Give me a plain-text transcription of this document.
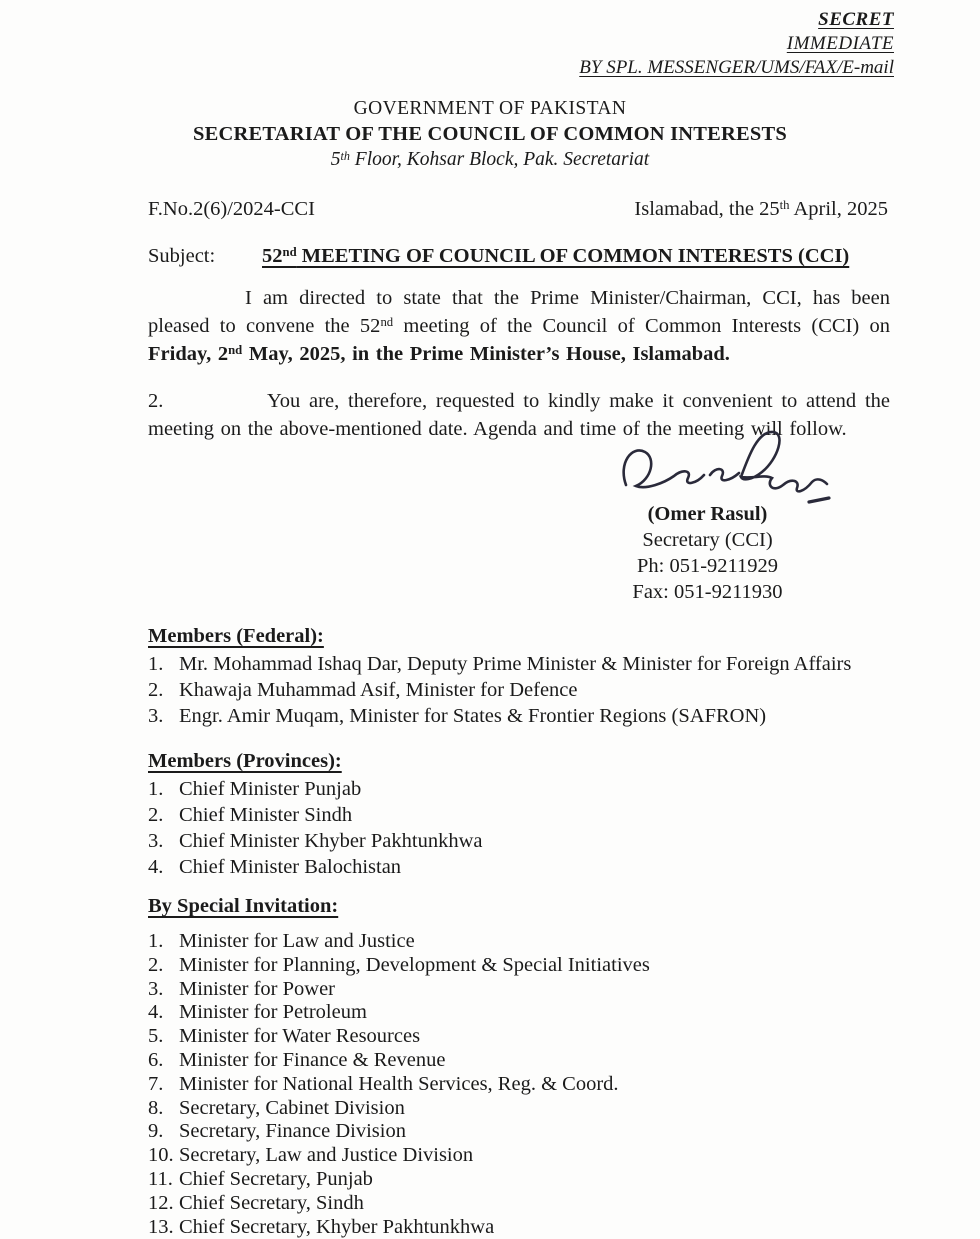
SECRET
IMMEDIATE
BY SPL. MESSENGER/UMS/FAX/E-mail
GOVERNMENT OF PAKISTAN
SECRETARIAT OF THE COUNCIL OF COMMON INTERESTS
5th Floor, Kohsar Block, Pak. Secretariat
F.No.2(6)/2024-CCI	Islamabad, the 25th April, 2025
Subject:	52nd MEETING OF COUNCIL OF COMMON INTERESTS (CCI)
I am directed to state that the Prime Minister/Chairman, CCI, has been pleased to convene the 52nd meeting of the Council of Common Interests (CCI) on Friday, 2nd May, 2025, in the Prime Minister’s House, Islamabad.
2.	You are, therefore, requested to kindly make it convenient to attend the meeting on the above-mentioned date. Agenda and time of the meeting will follow.
(Omer Rasul)
Secretary (CCI)
Ph: 051-9211929
Fax: 051-9211930
Members (Federal):
1. Mr. Mohammad Ishaq Dar, Deputy Prime Minister & Minister for Foreign Affairs
2. Khawaja Muhammad Asif, Minister for Defence
3. Engr. Amir Muqam, Minister for States & Frontier Regions (SAFRON)
Members (Provinces):
1. Chief Minister Punjab
2. Chief Minister Sindh
3. Chief Minister Khyber Pakhtunkhwa
4. Chief Minister Balochistan
By Special Invitation:
1. Minister for Law and Justice
2. Minister for Planning, Development & Special Initiatives
3. Minister for Power
4. Minister for Petroleum
5. Minister for Water Resources
6. Minister for Finance & Revenue
7. Minister for National Health Services, Reg. & Coord.
8. Secretary, Cabinet Division
9. Secretary, Finance Division
10. Secretary, Law and Justice Division
11. Chief Secretary, Punjab
12. Chief Secretary, Sindh
13. Chief Secretary, Khyber Pakhtunkhwa
